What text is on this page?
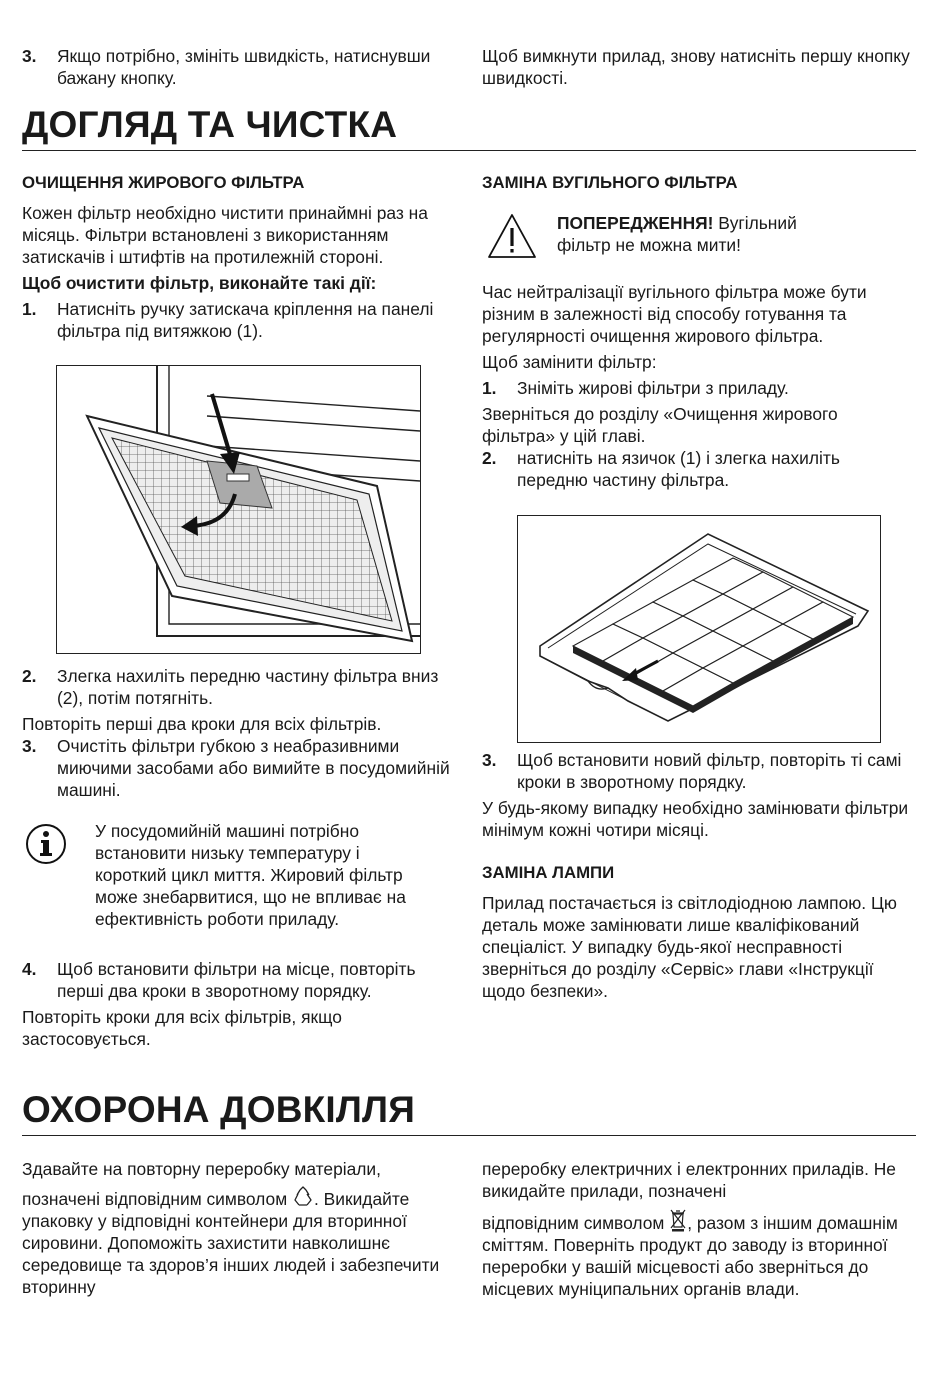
3.	Якщо потрібно, змініть швидкість, натиснувши бажану кнопку.

Щоб вимкнути прилад, знову натисніть першу кнопку швидкості.

ДОГЛЯД ТА ЧИСТКА

ОЧИЩЕННЯ ЖИРОВОГО ФІЛЬТРА

Кожен фільтр необхідно чистити принаймні раз на місяць. Фільтри встановлені з використанням затискачів і штифтів на протилежній стороні.

Щоб очистити фільтр, виконайте такі дії:

1.	Натисніть ручку затискача кріплення на панелі фільтра під витяжкою (1).
2.	Злегка нахиліть передню частину фільтра вниз (2), потім потягніть.

Повторіть перші два кроки для всіх фільтрів.

3.	Очистіть фільтри губкою з неабразивними миючими засобами або вимийте в посудомийній машині.

У посудомийній машині потрібно встановити низьку температуру і короткий цикл миття. Жировий фільтр може знебарвитися, що не впливає на ефективність роботи приладу.

4.	Щоб встановити фільтри на місце, повторіть перші два кроки в зворотному порядку.

Повторіть кроки для всіх фільтрів, якщо застосовується.

ЗАМІНА ВУГІЛЬНОГО ФІЛЬТРА

ПОПЕРЕДЖЕННЯ! Вугільний фільтр не можна мити!

Час нейтралізації вугільного фільтра може бути різним в залежності від способу готування та регулярності очищення жирового фільтра.

Щоб замінити фільтр:

1.	Зніміть жирові фільтри з приладу.

Зверніться до розділу «Очищення жирового фільтра» у цій главі.

2.	натисніть на язичок (1) і злегка нахиліть передню частину фільтра.
3.	Щоб встановити новий фільтр, повторіть ті самі кроки в зворотному порядку.

У будь-якому випадку необхідно замінювати фільтри мінімум кожні чотири місяці.

ЗАМІНА ЛАМПИ

Прилад постачається із світлодіодною лампою. Цю деталь може замінювати лише кваліфікований спеціаліст. У випадку будь-якої несправності зверніться до розділу «Сервіс» глави «Інструкції щодо безпеки».

ОХОРОНА ДОВКІЛЛЯ

Здавайте на повторну переробку матеріали,

позначені відповідним символом . Викидайте упаковку у відповідні контейнери для вторинної сировини. Допоможіть захистити навколишнє середовище та здоров’я інших людей і забезпечити вторинну

переробку електричних і електронних приладів. Не викидайте прилади, позначені

відповідним символом , разом з іншим домашнім сміттям. Поверніть продукт до заводу із вторинної переробки у вашій місцевості або зверніться до місцевих муніципальних органів влади.
